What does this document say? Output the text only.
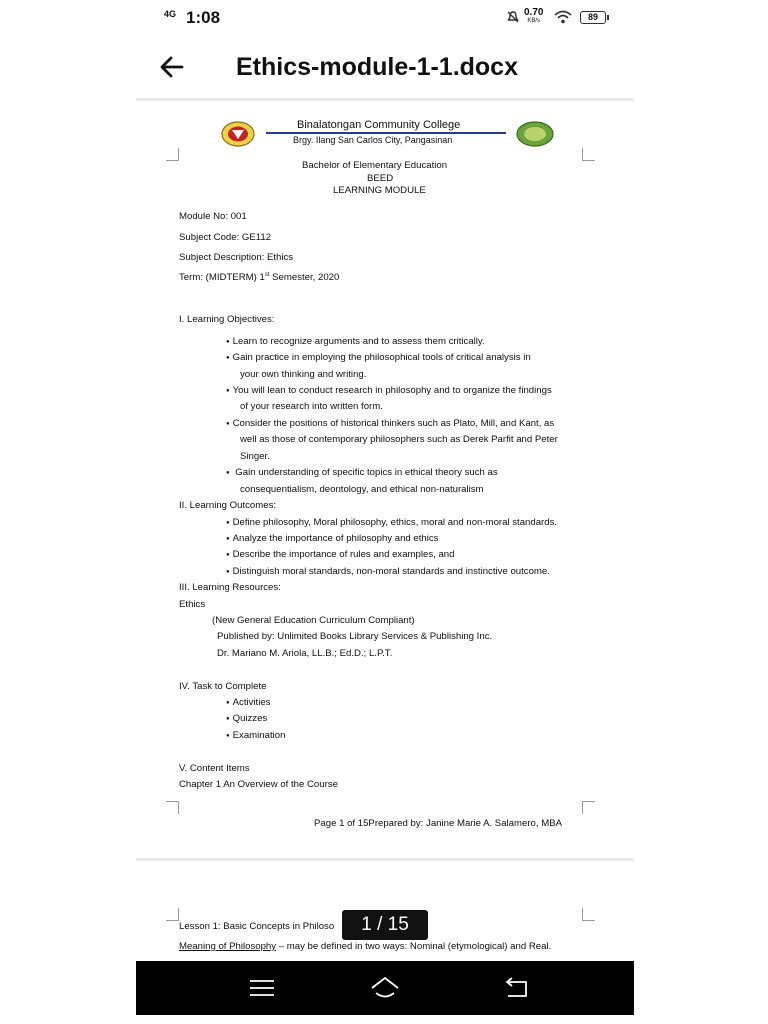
4G 1:08	0.70
KB/s	89
Ethics-module-1-1.docx
Binalatongan Community College
Brgy. Ilang San Carlos City, Pangasinan
Bachelor of Elementary Education
BEED
LEARNING MODULE
Module No: 001
Subject Code: GE112
Subject Description: Ethics
Term: (MIDTERM) 1st Semester, 2020
I. Learning Objectives:
● Learn to recognize arguments and to assess them critically.
● Gain practice in employing the philosophical tools of critical analysis in
your own thinking and writing.
● You will lean to conduct research in philosophy and to organize the findings
of your research into written form.
● Consider the positions of historical thinkers such as Plato, Mill, and Kant, as
well as those of contemporary philosophers such as Derek Parfit and Peter
Singer.
● Gain understanding of specific topics in ethical theory such as
consequentialism, deontology, and ethical non-naturalism
II. Learning Outcomes:
● Define philosophy, Moral philosophy, ethics, moral and non-moral standards.
● Analyze the importance of philosophy and ethics
● Describe the importance of rules and examples, and
● Distinguish moral standards, non-moral standards and instinctive outcome.
III. Learning Resources:
Ethics
(New General Education Curriculum Compliant)
Published by: Unlimited Books Library Services & Publishing Inc.
Dr. Mariano M. Ariola, LL.B.; Ed.D.; L.P.T.
IV. Task to Complete
● Activities
● Quizzes
● Examination
V. Content Items
Chapter 1 An Overview of the Course
Page 1 of 15Prepared by: Janine Marie A. Salamero, MBA
Lesson 1: Basic Concepts in Philoso
Meaning of Philosophy – may be defined in two ways: Nominal (etymological) and Real.
1 / 15
